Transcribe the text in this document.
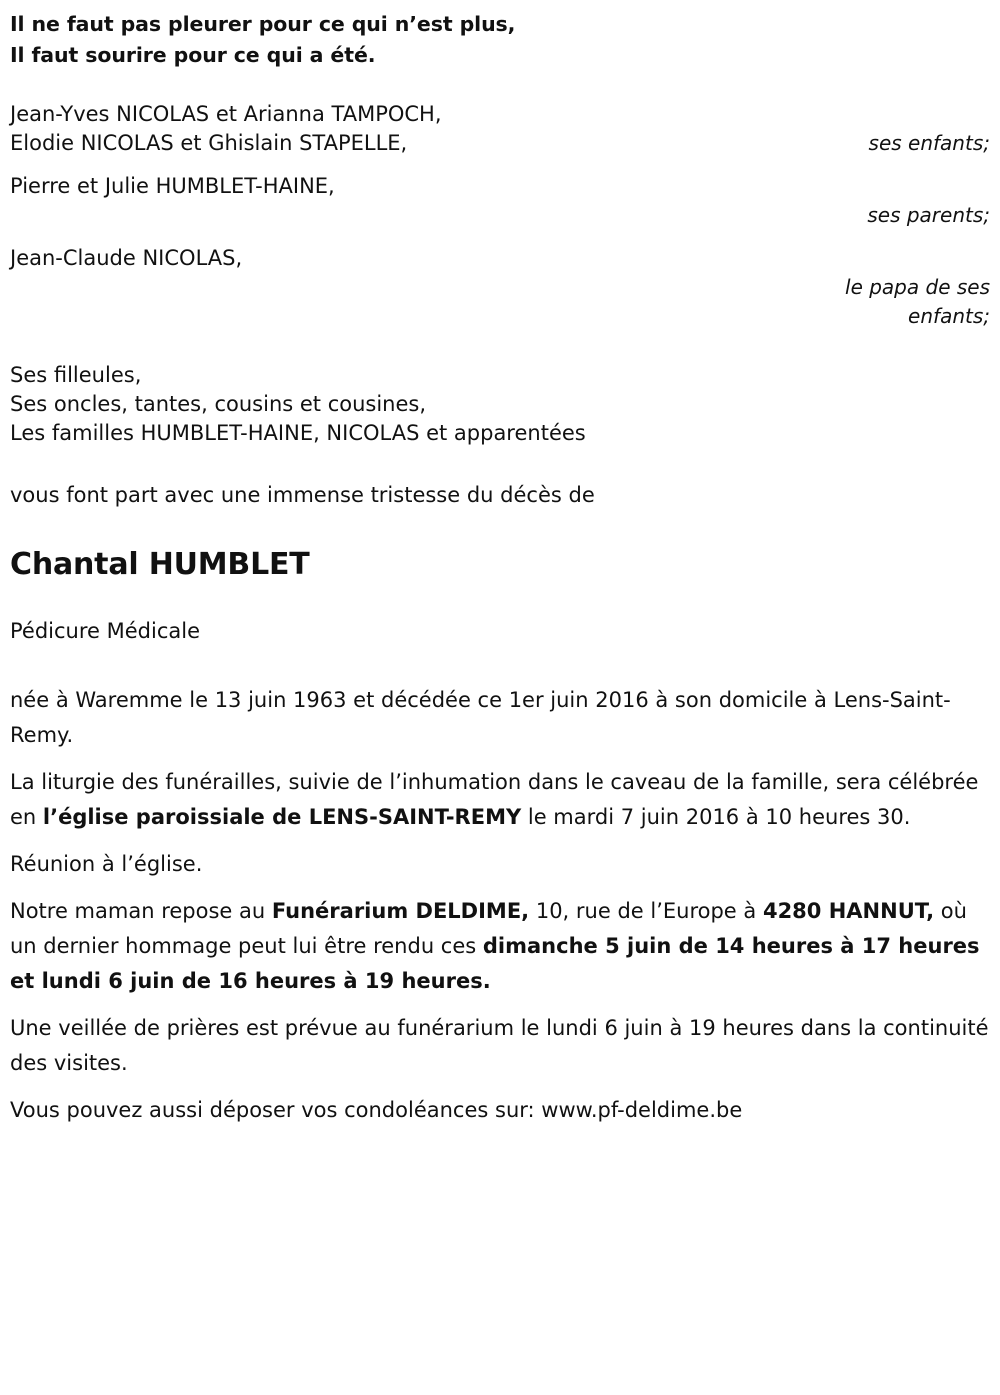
Il ne faut pas pleurer pour ce qui n’est plus,
Il faut sourire pour ce qui a été.
Jean-Yves NICOLAS et Arianna TAMPOCH,
Elodie NICOLAS et Ghislain STAPELLE,	ses enfants;
Pierre et Julie HUMBLET-HAINE,
ses parents;
Jean-Claude NICOLAS,
le papa de ses
enfants;
Ses filleules,
Ses oncles, tantes, cousins et cousines,
Les familles HUMBLET-HAINE, NICOLAS et apparentées
vous font part avec une immense tristesse du décès de
Chantal HUMBLET
Pédicure Médicale

née à Waremme le 13 juin 1963 et décédée ce 1er juin 2016 à son domicile à Lens-Saint-Remy.

La liturgie des funérailles, suivie de l’inhumation dans le caveau de la famille, sera célébrée en l’église paroissiale de LENS-SAINT-REMY le mardi 7 juin 2016 à 10 heures 30.

Réunion à l’église.

Notre maman repose au Funérarium DELDIME, 10, rue de l’Europe à 4280 HANNUT, où un dernier hommage peut lui être rendu ces dimanche 5 juin de 14 heures à 17 heures et lundi 6 juin de 16 heures à 19 heures.

Une veillée de prières est prévue au funérarium le lundi 6 juin à 19 heures dans la continuité des visites.

Vous pouvez aussi déposer vos condoléances sur: www.pf-deldime.be
